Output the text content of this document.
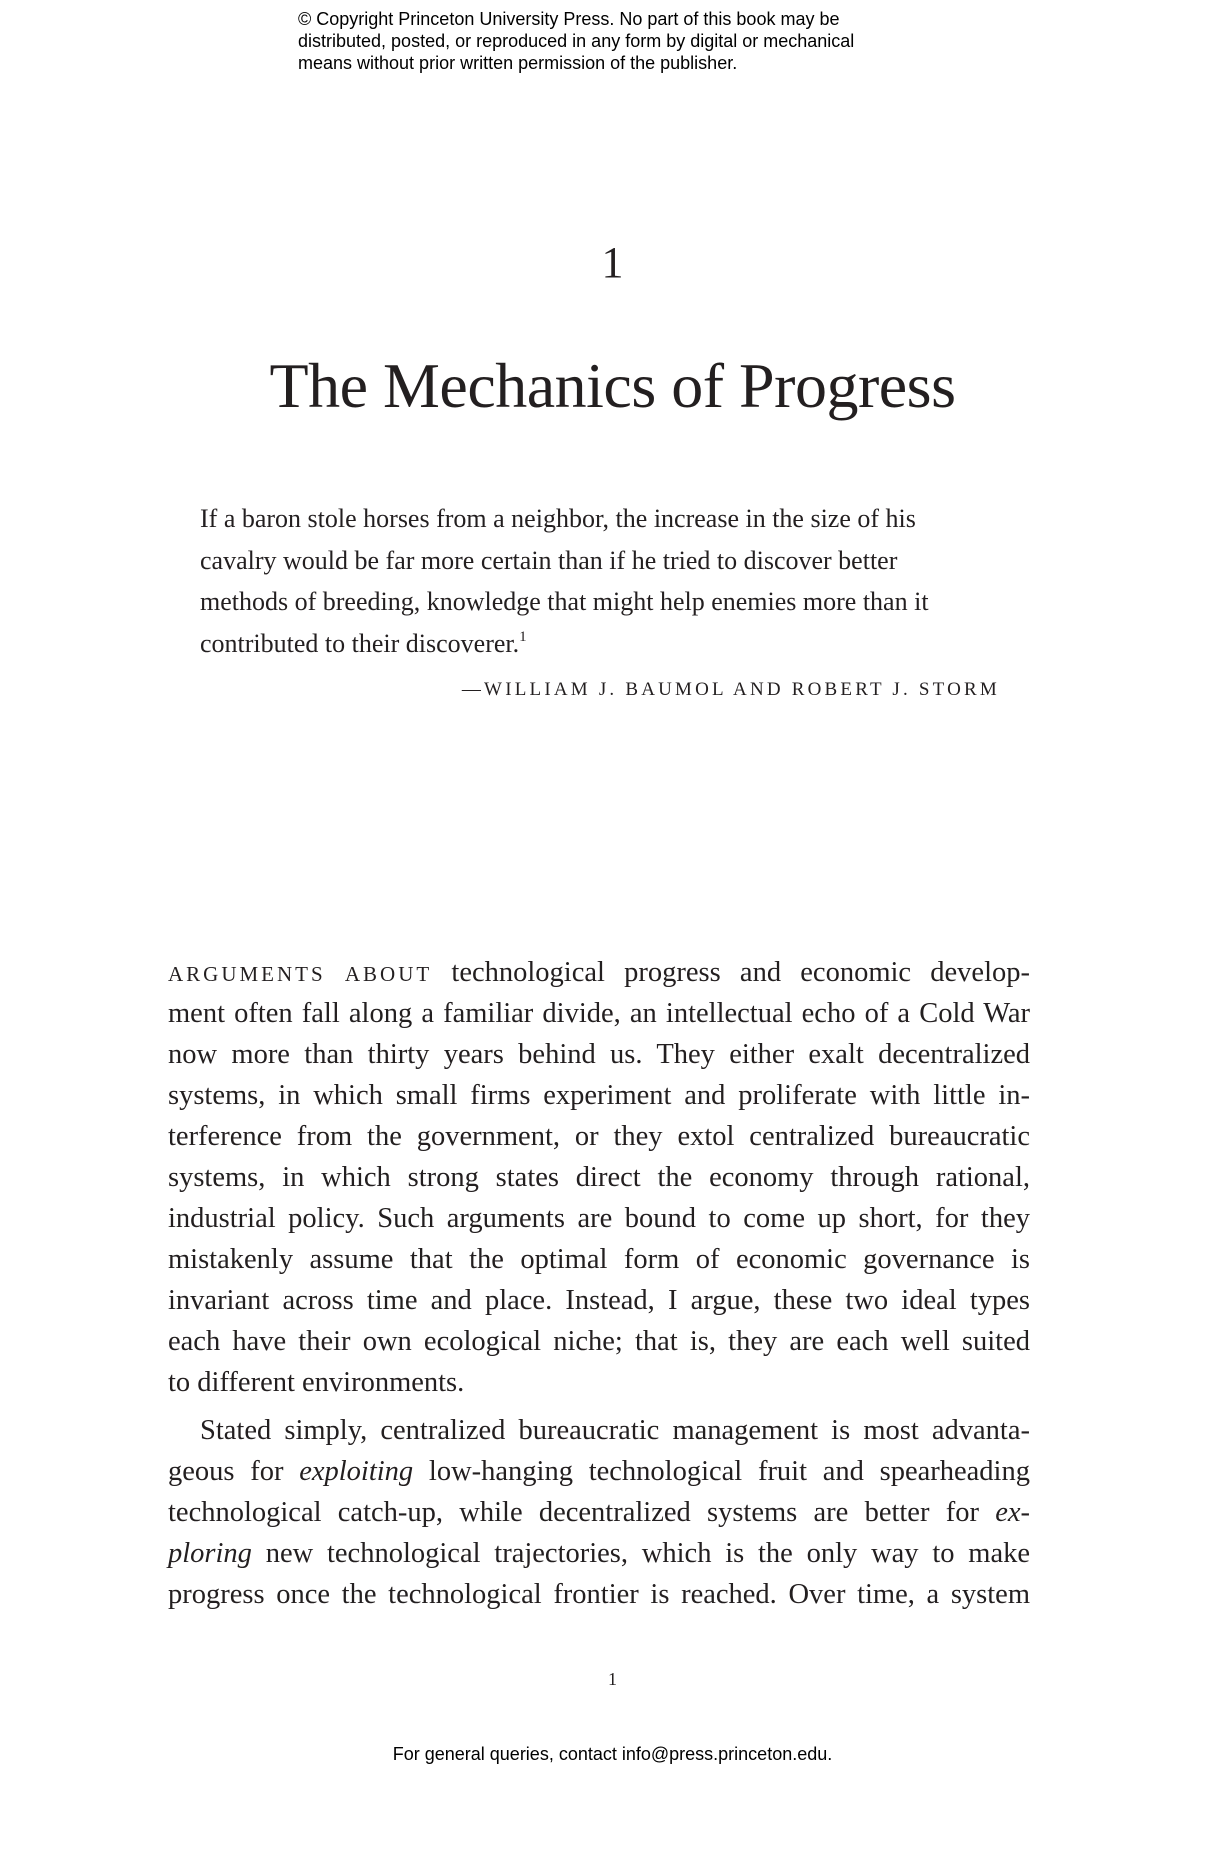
© Copyright Princeton University Press. No part of this book may be
distributed, posted, or reproduced in any form by digital or mechanical
means without prior written permission of the publisher.
1
The Mechanics of Progress
If a baron stole horses from a neighbor, the increase in the size of his
cavalry would be far more certain than if he tried to discover better
methods of breeding, knowledge that might help enemies more than it
contributed to their discoverer.$^1$
—WILLIAM J. BAUMOL AND ROBERT J. STORM
ARGUMENTS ABOUT technological progress and economic develop-
ment often fall along a familiar divide, an intellectual echo of a Cold War
now more than thirty years behind us. They either exalt decentralized
systems, in which small firms experiment and proliferate with little in-
terference from the government, or they extol centralized bureaucratic
systems, in which strong states direct the economy through rational,
industrial policy. Such arguments are bound to come up short, for they
mistakenly assume that the optimal form of economic governance is
invariant across time and place. Instead, I argue, these two ideal types
each have their own ecological niche; that is, they are each well suited
to different environments.
Stated simply, centralized bureaucratic management is most advanta-
geous for exploiting low-hanging technological fruit and spearheading
technological catch-up, while decentralized systems are better for ex-
ploring new technological trajectories, which is the only way to make
progress once the technological frontier is reached. Over time, a system
1
For general queries, contact info@press.princeton.edu.
